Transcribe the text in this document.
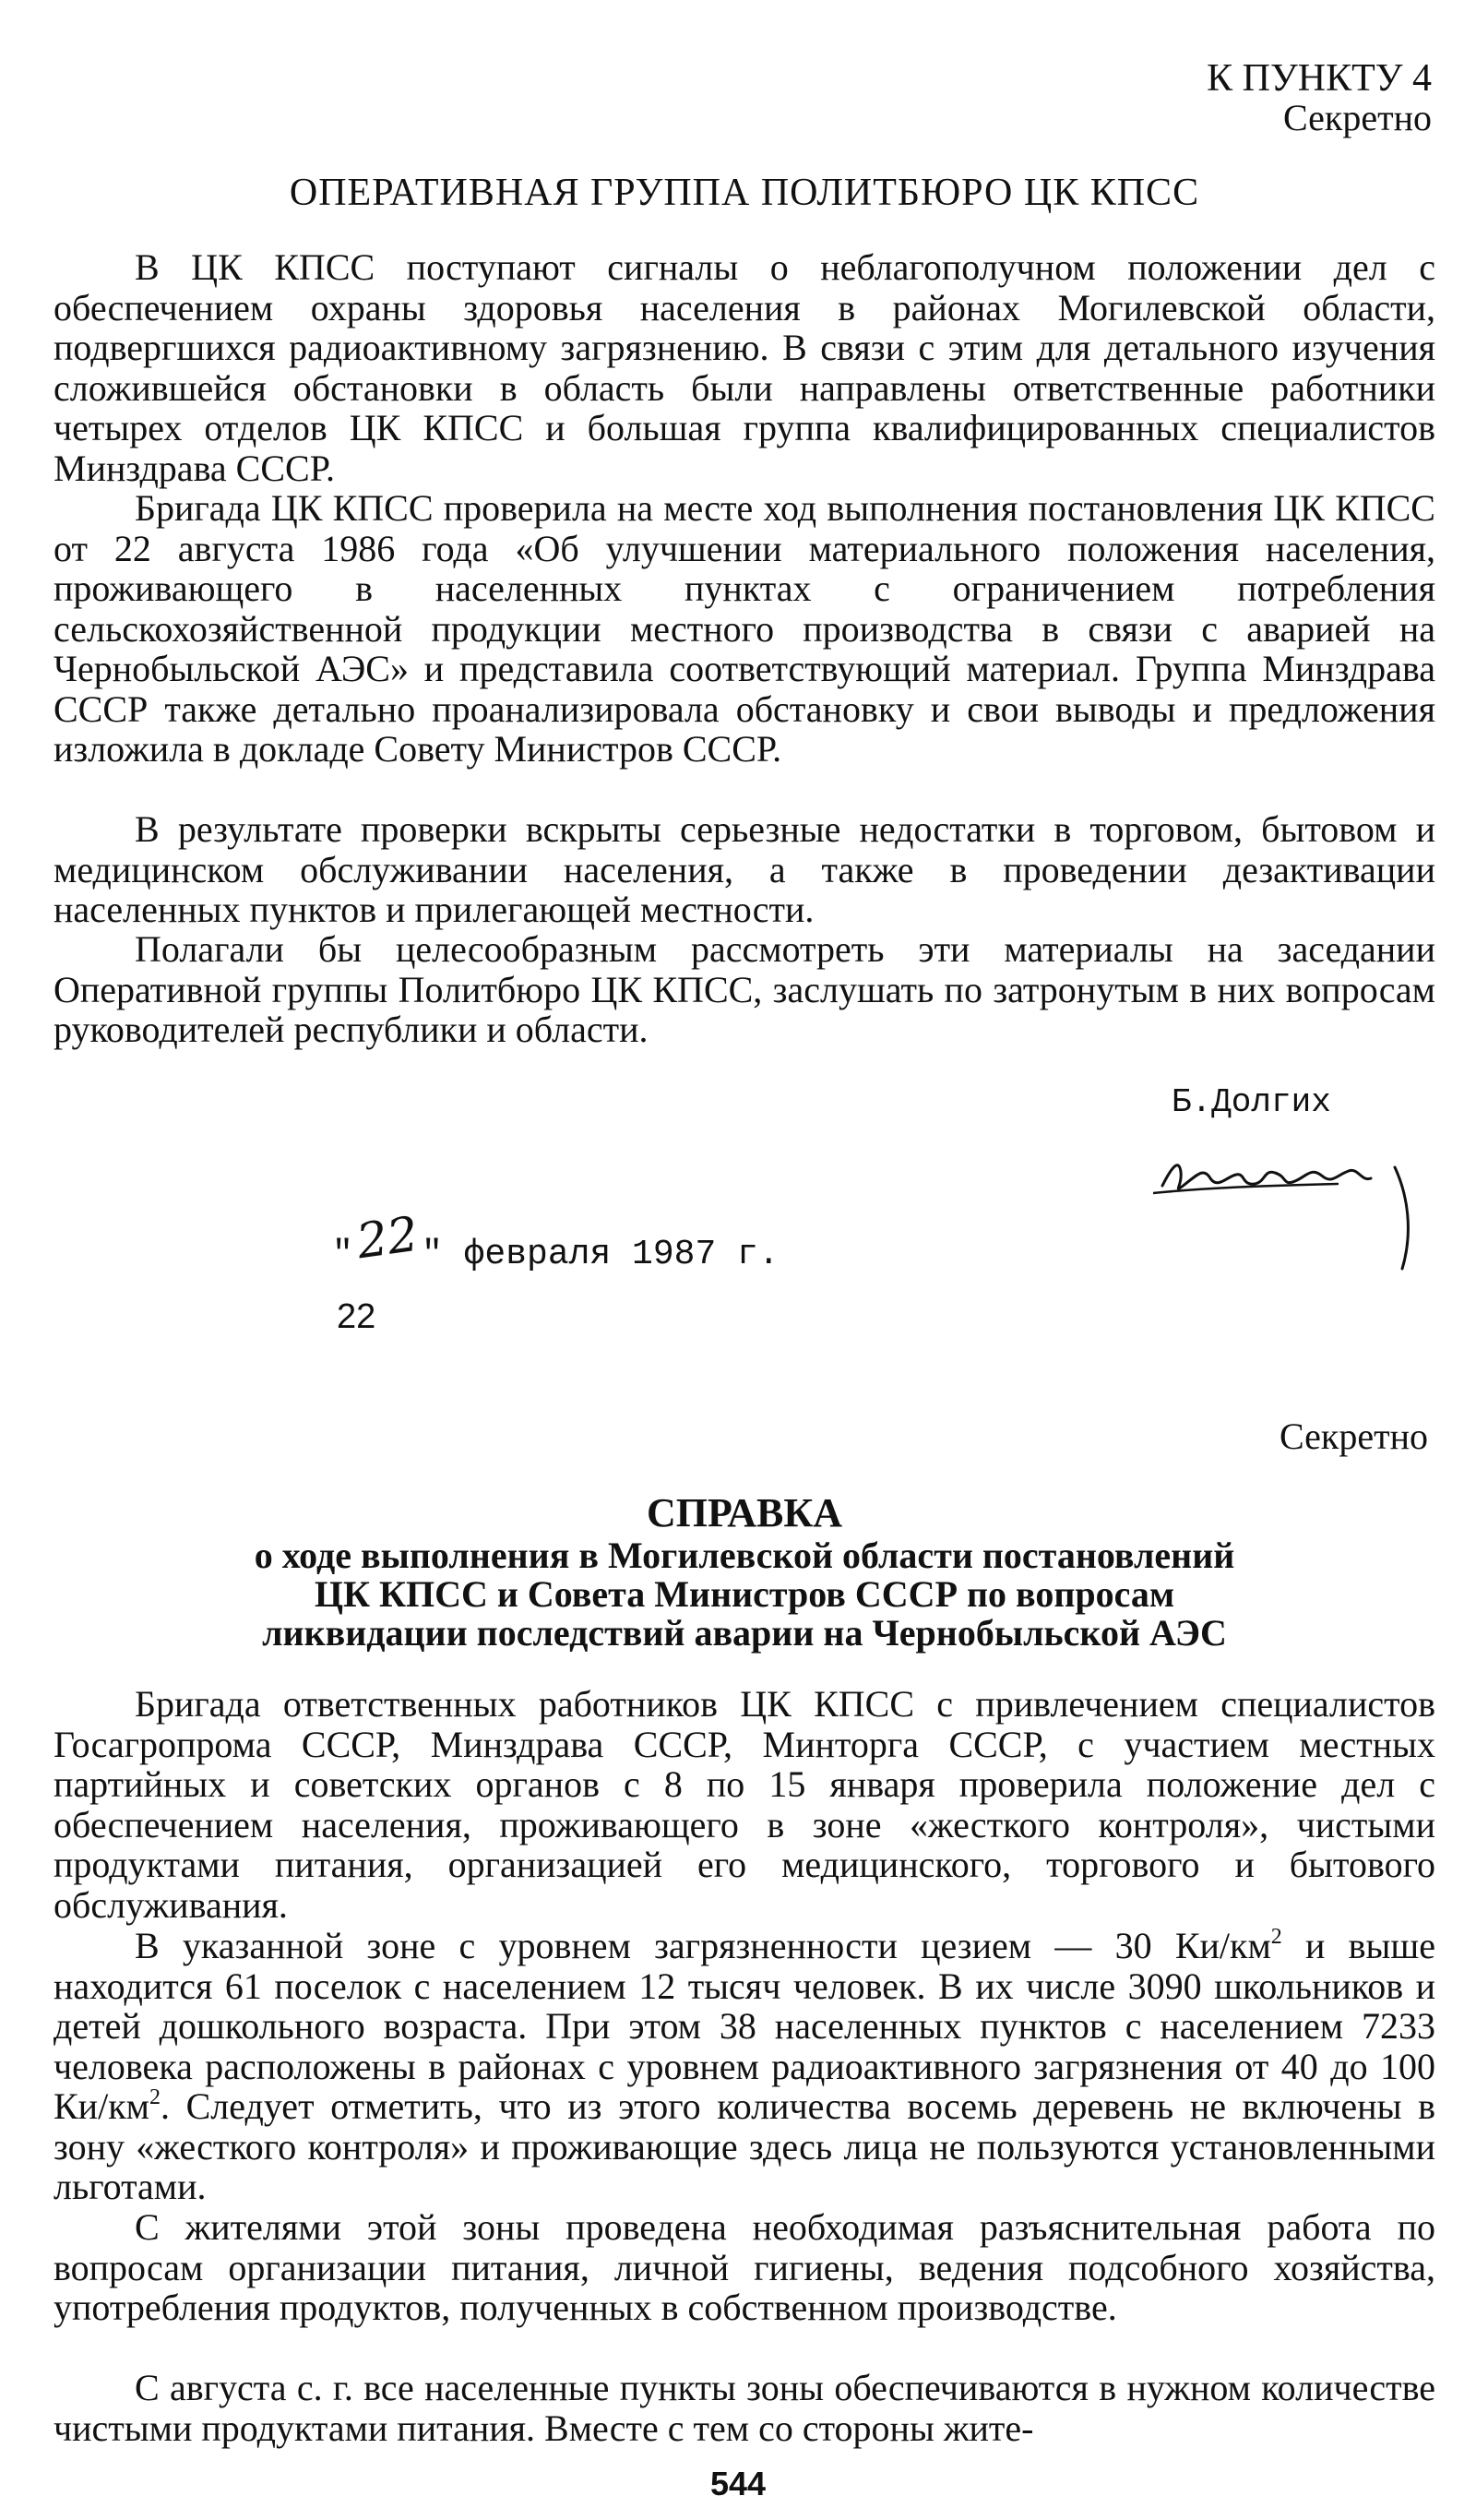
К ПУНКТУ 4
Секретно
ОПЕРАТИВНАЯ ГРУППА ПОЛИТБЮРО ЦК КПСС

В ЦК КПСС поступают сигналы о неблагополучном положении дел с обеспечением охраны здоровья населения в районах Могилевской области, подвергшихся радиоактивному загрязнению. В связи с этим для детального изучения сложившейся обстановки в область были направлены ответственные работники четырех отделов ЦК КПСС и большая группа квалифицированных специалистов Минздрава СССР.

Бригада ЦК КПСС проверила на месте ход выполнения постановления ЦК КПСС от 22 августа 1986 года «Об улучшении материального положения населения, проживающего в населенных пунктах с ограничением потребления сельскохозяйственной продукции местного производства в связи с аварией на Чернобыльской АЭС» и представила соответствующий материал. Группа Минздрава СССР также детально проанализировала обстановку и свои выводы и предложения изложила в докладе Совету Министров СССР.

В результате проверки вскрыты серьезные недостатки в торговом, бытовом и медицинском обслуживании населения, а также в проведении дезактивации населенных пунктов и прилегающей местности.

Полагали бы целесообразным рассмотреть эти материалы на заседании Оперативной группы Политбюро ЦК КПСС, заслушать по затронутым в них вопросам руководителей республики и области.

Б.Долгих
"22" февраля 1987 г.
22
Секретно
СПРАВКА
о ходе выполнения в Могилевской области постановлений
ЦК КПСС и Совета Министров СССР по вопросам
ликвидации последствий аварии на Чернобыльской АЭС

Бригада ответственных работников ЦК КПСС с привлечением специалистов Госагропрома СССР, Минздрава СССР, Минторга СССР, с участием местных партийных и советских органов с 8 по 15 января проверила положение дел с обеспечением населения, проживающего в зоне «жесткого контроля», чистыми продуктами питания, организацией его медицинского, торгового и бытового обслуживания.

В указанной зоне с уровнем загрязненности цезием — 30 $Ки/км^2$ и выше находится 61 поселок с населением 12 тысяч человек. В их числе 3090 школьников и детей дошкольного возраста. При этом 38 населенных пунктов с населением 7233 человека расположены в районах с уровнем радиоактивного загрязнения от 40 до 100 $Ки/км^2$. Следует отметить, что из этого количества восемь деревень не включены в зону «жесткого контроля» и проживающие здесь лица не пользуются установленными льготами.

С жителями этой зоны проведена необходимая разъяснительная работа по вопросам организации питания, личной гигиены, ведения подсобного хозяйства, употребления продуктов, полученных в собственном производстве.

С августа с. г. все населенные пункты зоны обеспечиваются в нужном количестве чистыми продуктами питания. Вместе с тем со стороны жите-

544
